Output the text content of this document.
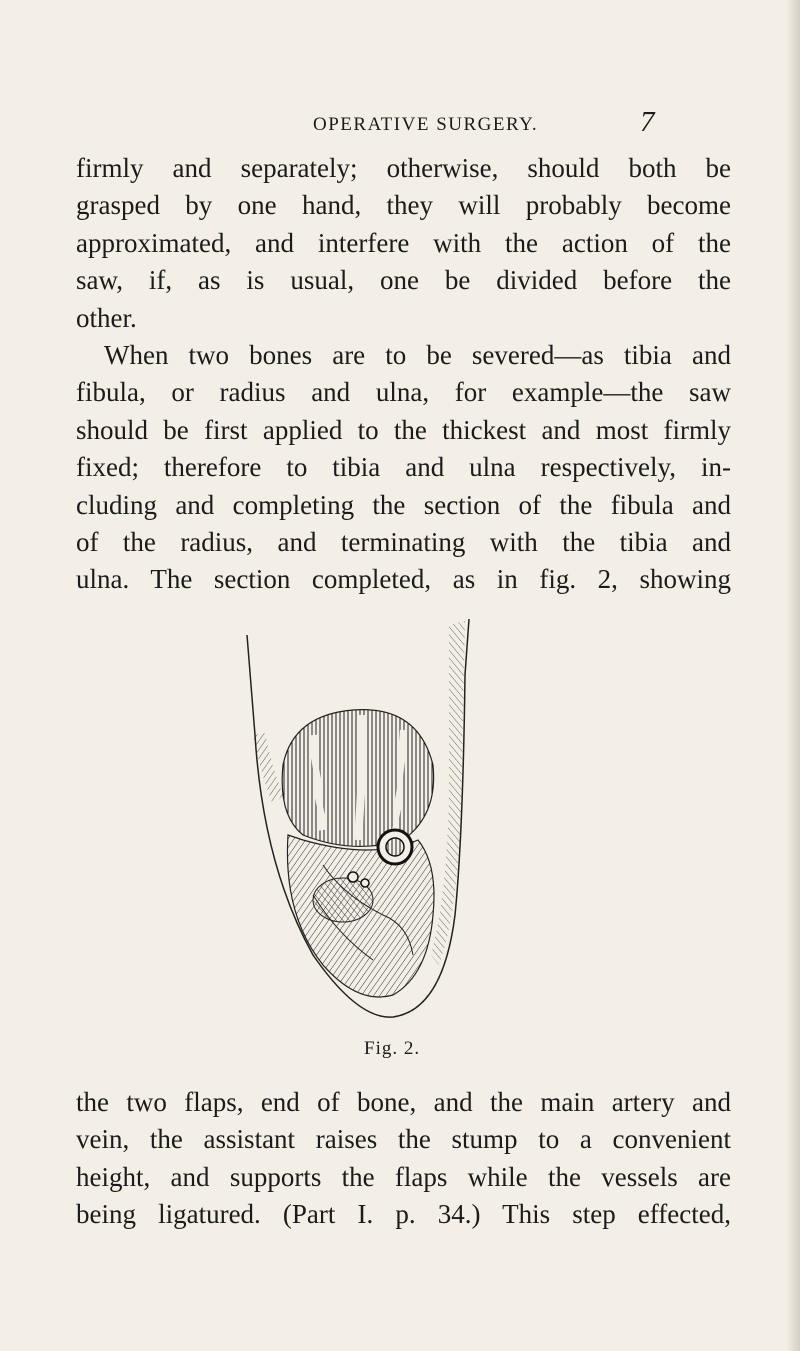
OPERATIVE SURGERY.	7

firmly and separately; otherwise, should both be
grasped by one hand, they will probably become
approximated, and interfere with the action of the
saw, if, as is usual, one be divided before the
other.
When two bones are to be severed—as tibia and
fibula, or radius and ulna, for example—the saw
should be first applied to the thickest and most firmly
fixed; therefore to tibia and ulna respectively, in-
cluding and completing the section of the fibula and
of the radius, and terminating with the tibia and
ulna. The section completed, as in fig. 2, showing

Fig. 2.

the two flaps, end of bone, and the main artery and
vein, the assistant raises the stump to a convenient
height, and supports the flaps while the vessels are
being ligatured. (Part I. p. 34.) This step effected,
